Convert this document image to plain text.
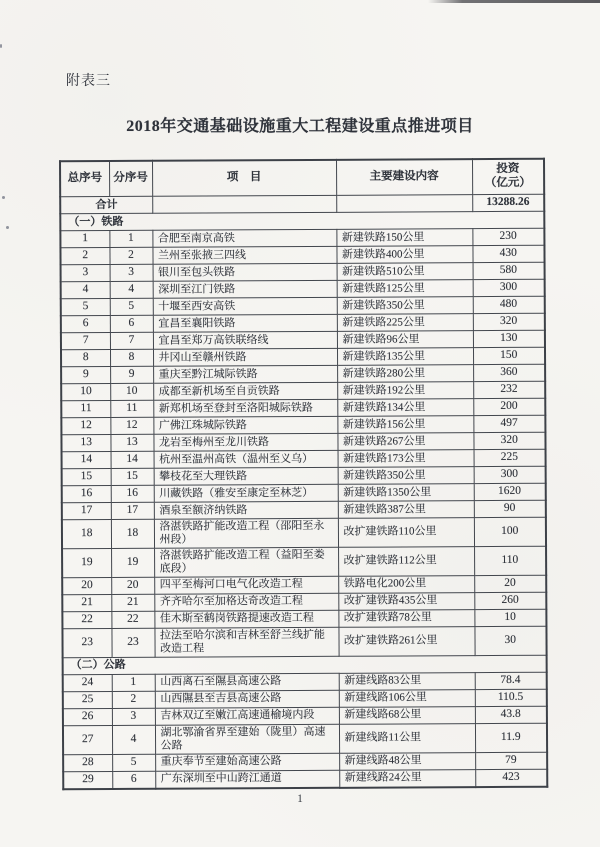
附表三
2018年交通基础设施重大工程建设重点推进项目
总序号	分序号	项　目	主要建设内容	投资
（亿元）

合计				13288.26
（一）铁路				
1	1	合肥至南京高铁	新建铁路150公里	230
2	2	兰州至张掖三四线	新建铁路400公里	430
3	3	银川至包头铁路	新建铁路510公里	580
4	4	深圳至江门铁路	新建铁路125公里	300
5	5	十堰至西安高铁	新建铁路350公里	480
6	6	宜昌至襄阳铁路	新建铁路225公里	320
7	7	宜昌至郑万高铁联络线	新建铁路96公里	130
8	8	井冈山至赣州铁路	新建铁路135公里	150
9	9	重庆至黔江城际铁路	新建铁路280公里	360
10	10	成都至新机场至自贡铁路	新建铁路192公里	232
11	11	新郑机场至登封至洛阳城际铁路	新建铁路134公里	200
12	12	广佛江珠城际铁路	新建铁路156公里	497
13	13	龙岩至梅州至龙川铁路	新建铁路267公里	320
14	14	杭州至温州高铁（温州至义乌）	新建铁路173公里	225
15	15	攀枝花至大理铁路	新建铁路350公里	300
16	16	川藏铁路（雅安至康定至林芝）	新建铁路1350公里	1620
17	17	酒泉至额济纳铁路	新建铁路387公里	90
18	18	洛湛铁路扩能改造工程（邵阳至永州段）	改扩建铁路110公里	100
19	19	洛湛铁路扩能改造工程（益阳至娄底段）	改扩建铁路112公里	110
20	20	四平至梅河口电气化改造工程	铁路电化200公里	20
21	21	齐齐哈尔至加格达奇改造工程	改扩建铁路435公里	260
22	22	佳木斯至鹤岗铁路提速改造工程	改扩建铁路78公里	10
23	23	拉法至哈尔滨和吉林至舒兰线扩能改造工程	改扩建铁路261公里	30
（二）公路				
24	1	山西离石至隰县高速公路	新建线路83公里	78.4
25	2	山西隰县至吉县高速公路	新建线路106公里	110.5
26	3	吉林双辽至嫩江高速通榆境内段	新建线路68公里	43.8
27	4	湖北鄂渝省界至建始（陇里）高速公路	新建线路11公里	11.9
28	5	重庆奉节至建始高速公路	新建线路48公里	79
29	6	广东深圳至中山跨江通道	新建线路24公里	423
1
